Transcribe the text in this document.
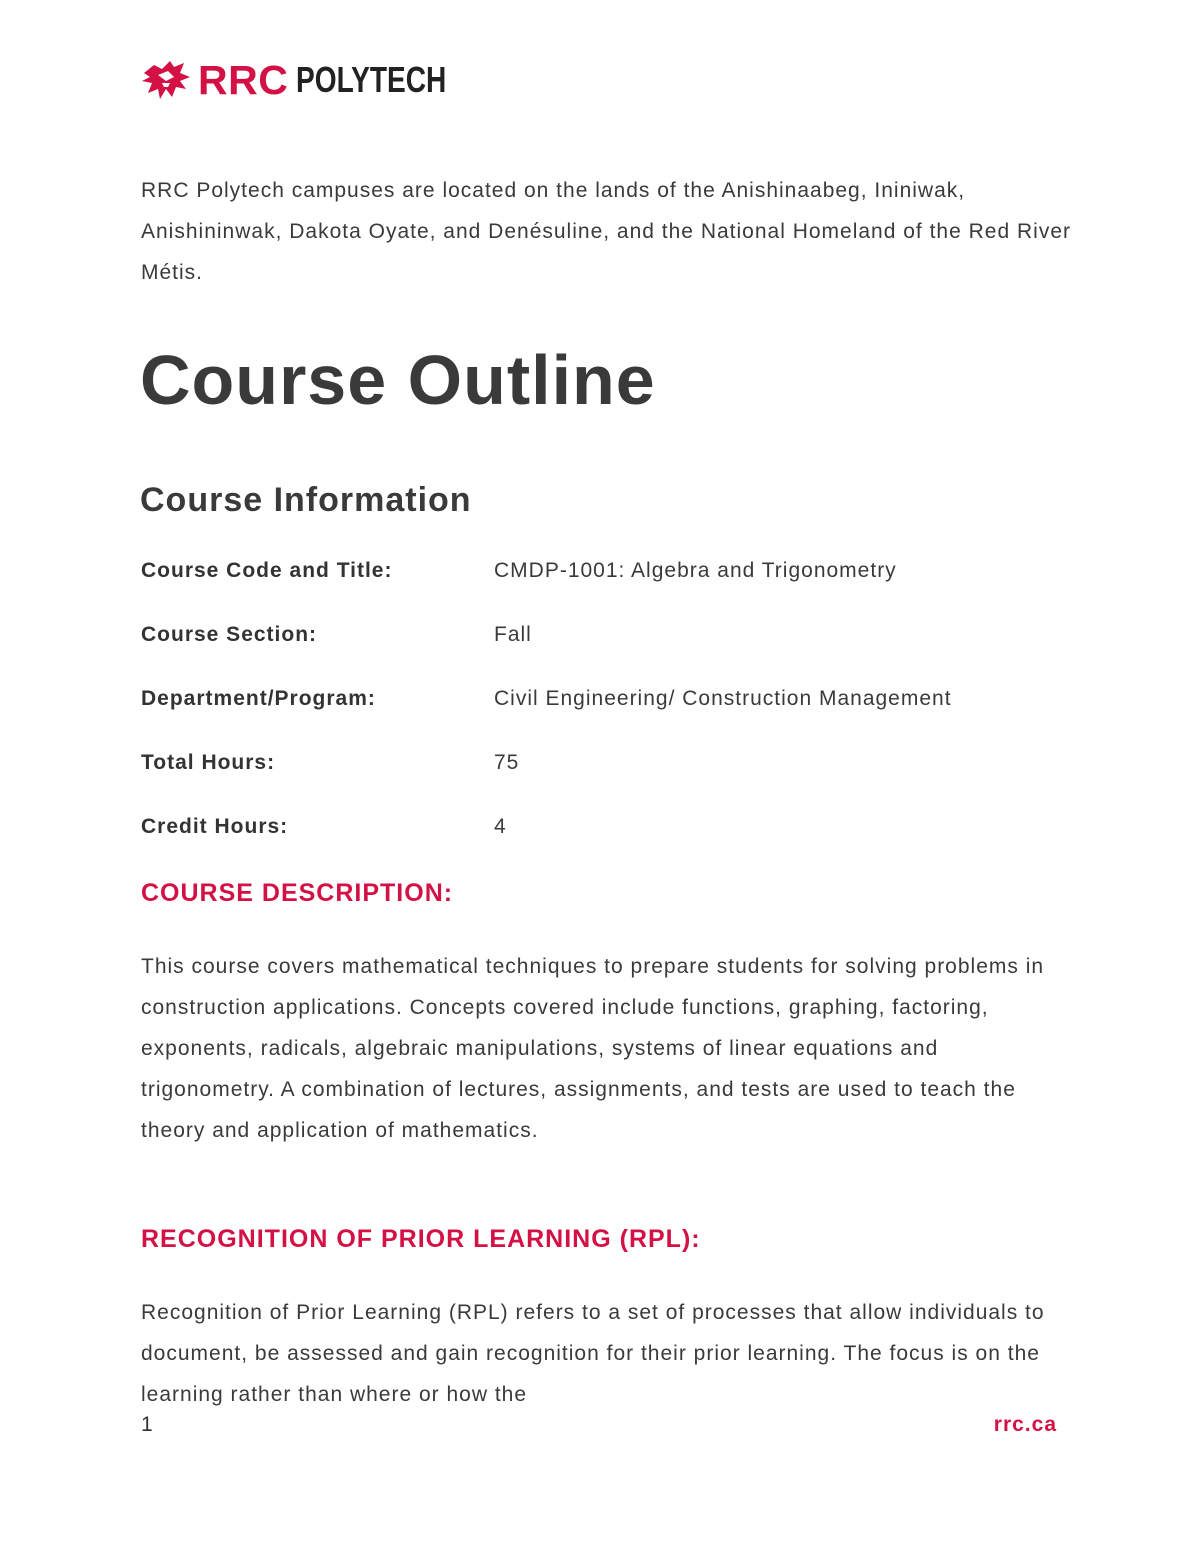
RRC POLYTECH

RRC Polytech campuses are located on the lands of the Anishinaabeg, Ininiwak, Anishininwak, Dakota Oyate, and Denésuline, and the National Homeland of the Red River Métis.

Course Outline
Course Information
Course Code and Title:	CMDP-1001: Algebra and Trigonometry
Course Section:	Fall
Department/Program:	Civil Engineering/ Construction Management
Total Hours:	75
Credit Hours:	4
COURSE DESCRIPTION:

This course covers mathematical techniques to prepare students for solving problems in construction applications. Concepts covered include functions, graphing, factoring, exponents, radicals, algebraic manipulations, systems of linear equations and trigonometry. A combination of lectures, assignments, and tests are used to teach the theory and application of mathematics.

RECOGNITION OF PRIOR LEARNING (RPL):

Recognition of Prior Learning (RPL) refers to a set of processes that allow individuals to document, be assessed and gain recognition for their prior learning. The focus is on the learning rather than where or how the

1	rrc.ca
